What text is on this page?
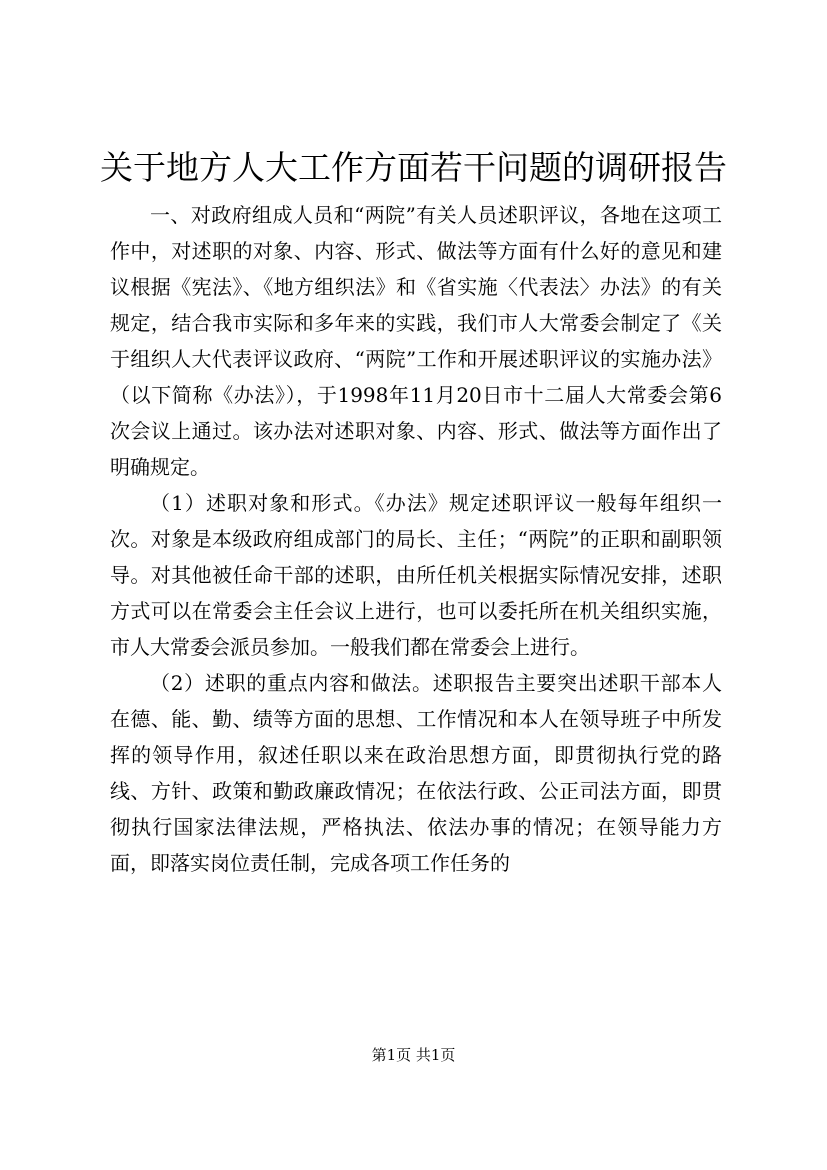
关于地方人大工作方面若干问题的调研报告

一、对政府组成人员和“两院”有关人员述职评议，各地在这项工作中，对述职的对象、内容、形式、做法等方面有什么好的意见和建议根据《宪法》、《地方组织法》和《省实施〈代表法〉办法》的有关规定，结合我市实际和多年来的实践，我们市人大常委会制定了《关于组织人大代表评议政府、“两院”工作和开展述职评议的实施办法》（以下简称《办法》），于1998年11月20日市十二届人大常委会第6次会议上通过。该办法对述职对象、内容、形式、做法等方面作出了明确规定。

（1）述职对象和形式。《办法》规定述职评议一般每年组织一次。对象是本级政府组成部门的局长、主任；“两院”的正职和副职领导。对其他被任命干部的述职，由所任机关根据实际情况安排，述职方式可以在常委会主任会议上进行，也可以委托所在机关组织实施，市人大常委会派员参加。一般我们都在常委会上进行。

（2）述职的重点内容和做法。述职报告主要突出述职干部本人在德、能、勤、绩等方面的思想、工作情况和本人在领导班子中所发挥的领导作用，叙述任职以来在政治思想方面，即贯彻执行党的路线、方针、政策和勤政廉政情况；在依法行政、公正司法方面，即贯彻执行国家法律法规，严格执法、依法办事的情况；在领导能力方面，即落实岗位责任制，完成各项工作任务的

第1页 共1页
